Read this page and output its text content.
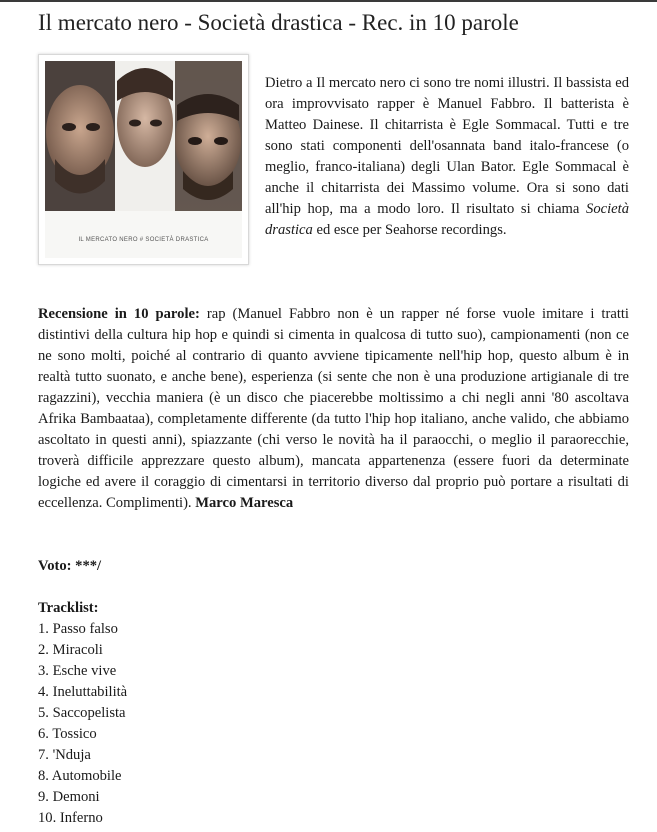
Il mercato nero - Società drastica - Rec. in 10 parole
IL MERCATO NERO # SOCIETÀ DRASTICA

Dietro a Il mercato nero ci sono tre nomi illustri. Il bassista ed ora improvvisato rapper è Manuel Fabbro. Il batterista è Matteo Dainese. Il chitarrista è Egle Sommacal. Tutti e tre sono stati componenti dell'osannata band italo-francese (o meglio, franco-italiana) degli Ulan Bator. Egle Sommacal è anche il chitarrista dei Massimo volume. Ora si sono dati all'hip hop, ma a modo loro. Il risultato si chiama Società drastica ed esce per Seahorse recordings.

Recensione in 10 parole: rap (Manuel Fabbro non è un rapper né forse vuole imitare i tratti distintivi della cultura hip hop e quindi si cimenta in qualcosa di tutto suo), campionamenti (non ce ne sono molti, poiché al contrario di quanto avviene tipicamente nell'hip hop, questo album è in realtà tutto suonato, e anche bene), esperienza (si sente che non è una produzione artigianale di tre ragazzini), vecchia maniera (è un disco che piacerebbe moltissimo a chi negli anni '80 ascoltava Afrika Bambaataa), completamente differente (da tutto l'hip hop italiano, anche valido, che abbiamo ascoltato in questi anni), spiazzante (chi verso le novità ha il paraocchi, o meglio il paraorecchie, troverà difficile apprezzare questo album), mancata appartenenza (essere fuori da determinate logiche ed avere il coraggio di cimentarsi in territorio diverso dal proprio può portare a risultati di eccellenza. Complimenti). Marco Maresca

Voto: ***/

Tracklist:

1. Passo falso
2. Miracoli
3. Esche vive
4. Ineluttabilità
5. Saccopelista
6. Tossico
7. 'Nduja
8. Automobile
9. Demoni
10. Inferno
